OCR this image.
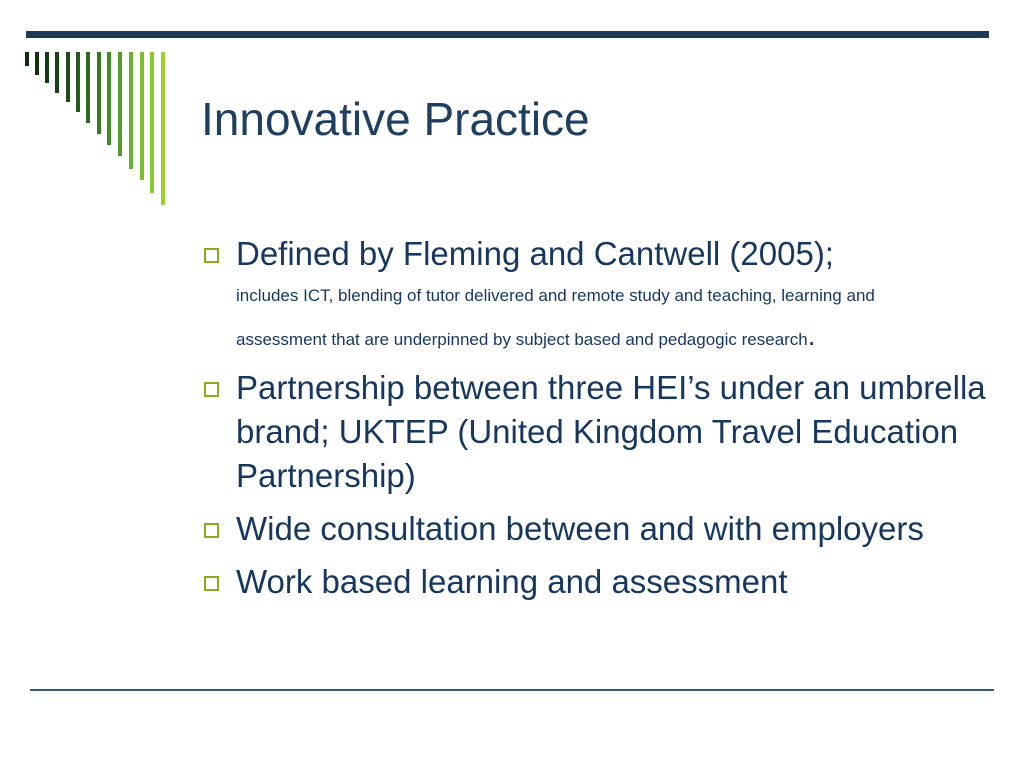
Innovative Practice
Defined by Fleming and Cantwell (2005);
includes ICT, blending of tutor delivered and remote study and teaching, learning and assessment that are underpinned by subject based and pedagogic research.
Partnership between three HEI’s under an umbrella brand; UKTEP (United Kingdom Travel Education Partnership)
Wide consultation between and with employers
Work based learning and assessment
